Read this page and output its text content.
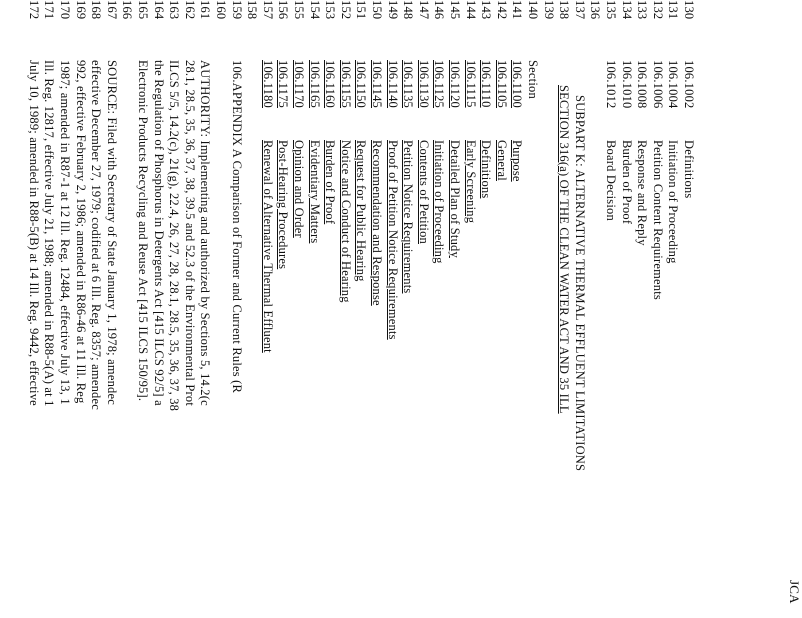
JCA
130
106.1002
Definitions
131
106.1004
Initiation of Proceeding
132
106.1006
Petition Content Requirements
133
106.1008
Response and Reply
134
106.1010
Burden of Proof
135
106.1012
Board Decision
136
137
SUBPART K: ALTERNATIVE THERMAL EFFLUENT LIMITATIONS
138
SECTION 316(a) OF THE CLEAN WATER ACT AND 35 ILL
139
140
Section
141
106.1100
Purpose
142
106.1105
General
143
106.1110
Definitions
144
106.1115
Early Screening
145
106.1120
Detailed Plan of Study
146
106.1125
Initiation of Proceeding
147
106.1130
Contents of Petition
148
106.1135
Petition Notice Requirements
149
106.1140
Proof of Petition Notice Requirements
150
106.1145
Recommendation and Response
151
106.1150
Request for Public Hearing
152
106.1155
Notice and Conduct of Hearing
153
106.1160
Burden of Proof
154
106.1165
Evidentiary Matters
155
106.1170
Opinion and Order
156
106.1175
Post-Hearing Procedures
157
106.1180
Renewal of Alternative Thermal Effluent
158
159
106.APPENDIX A Comparison of Former and Current Rules (R
160
161
AUTHORITY: Implementing and authorized by Sections 5, 14.2(c
162
28.1, 28.5, 35, 36, 37, 38, 39.5 and 52.3 of the Environmental Prot
163
ILCS 5/5, 14.2(c), 21(g), 22.4, 26, 27, 28, 28.1, 28.5, 35, 36, 37, 38
164
the Regulation of Phosphorus in Detergents Act [415 ILCS 92/5] a
165
Electronic Products Recycling and Reuse Act [415 ILCS 150/95].
166
167
SOURCE: Filed with Secretary of State January 1, 1978; amendec
168
effective December 27, 1979; codified at 6 Ill. Reg. 8357; amendec
169
992, effective February 2, 1986; amended in R86-46 at 11 Ill. Reg
170
1987; amended in R87-1 at 12 Ill. Reg. 12484, effective July 13, 1
171
Ill. Reg. 12817, effective July 21, 1988; amended in R88-5(A) at 1
172
July 10, 1989; amended in R88-5(B) at 14 Ill. Reg. 9442, effective
